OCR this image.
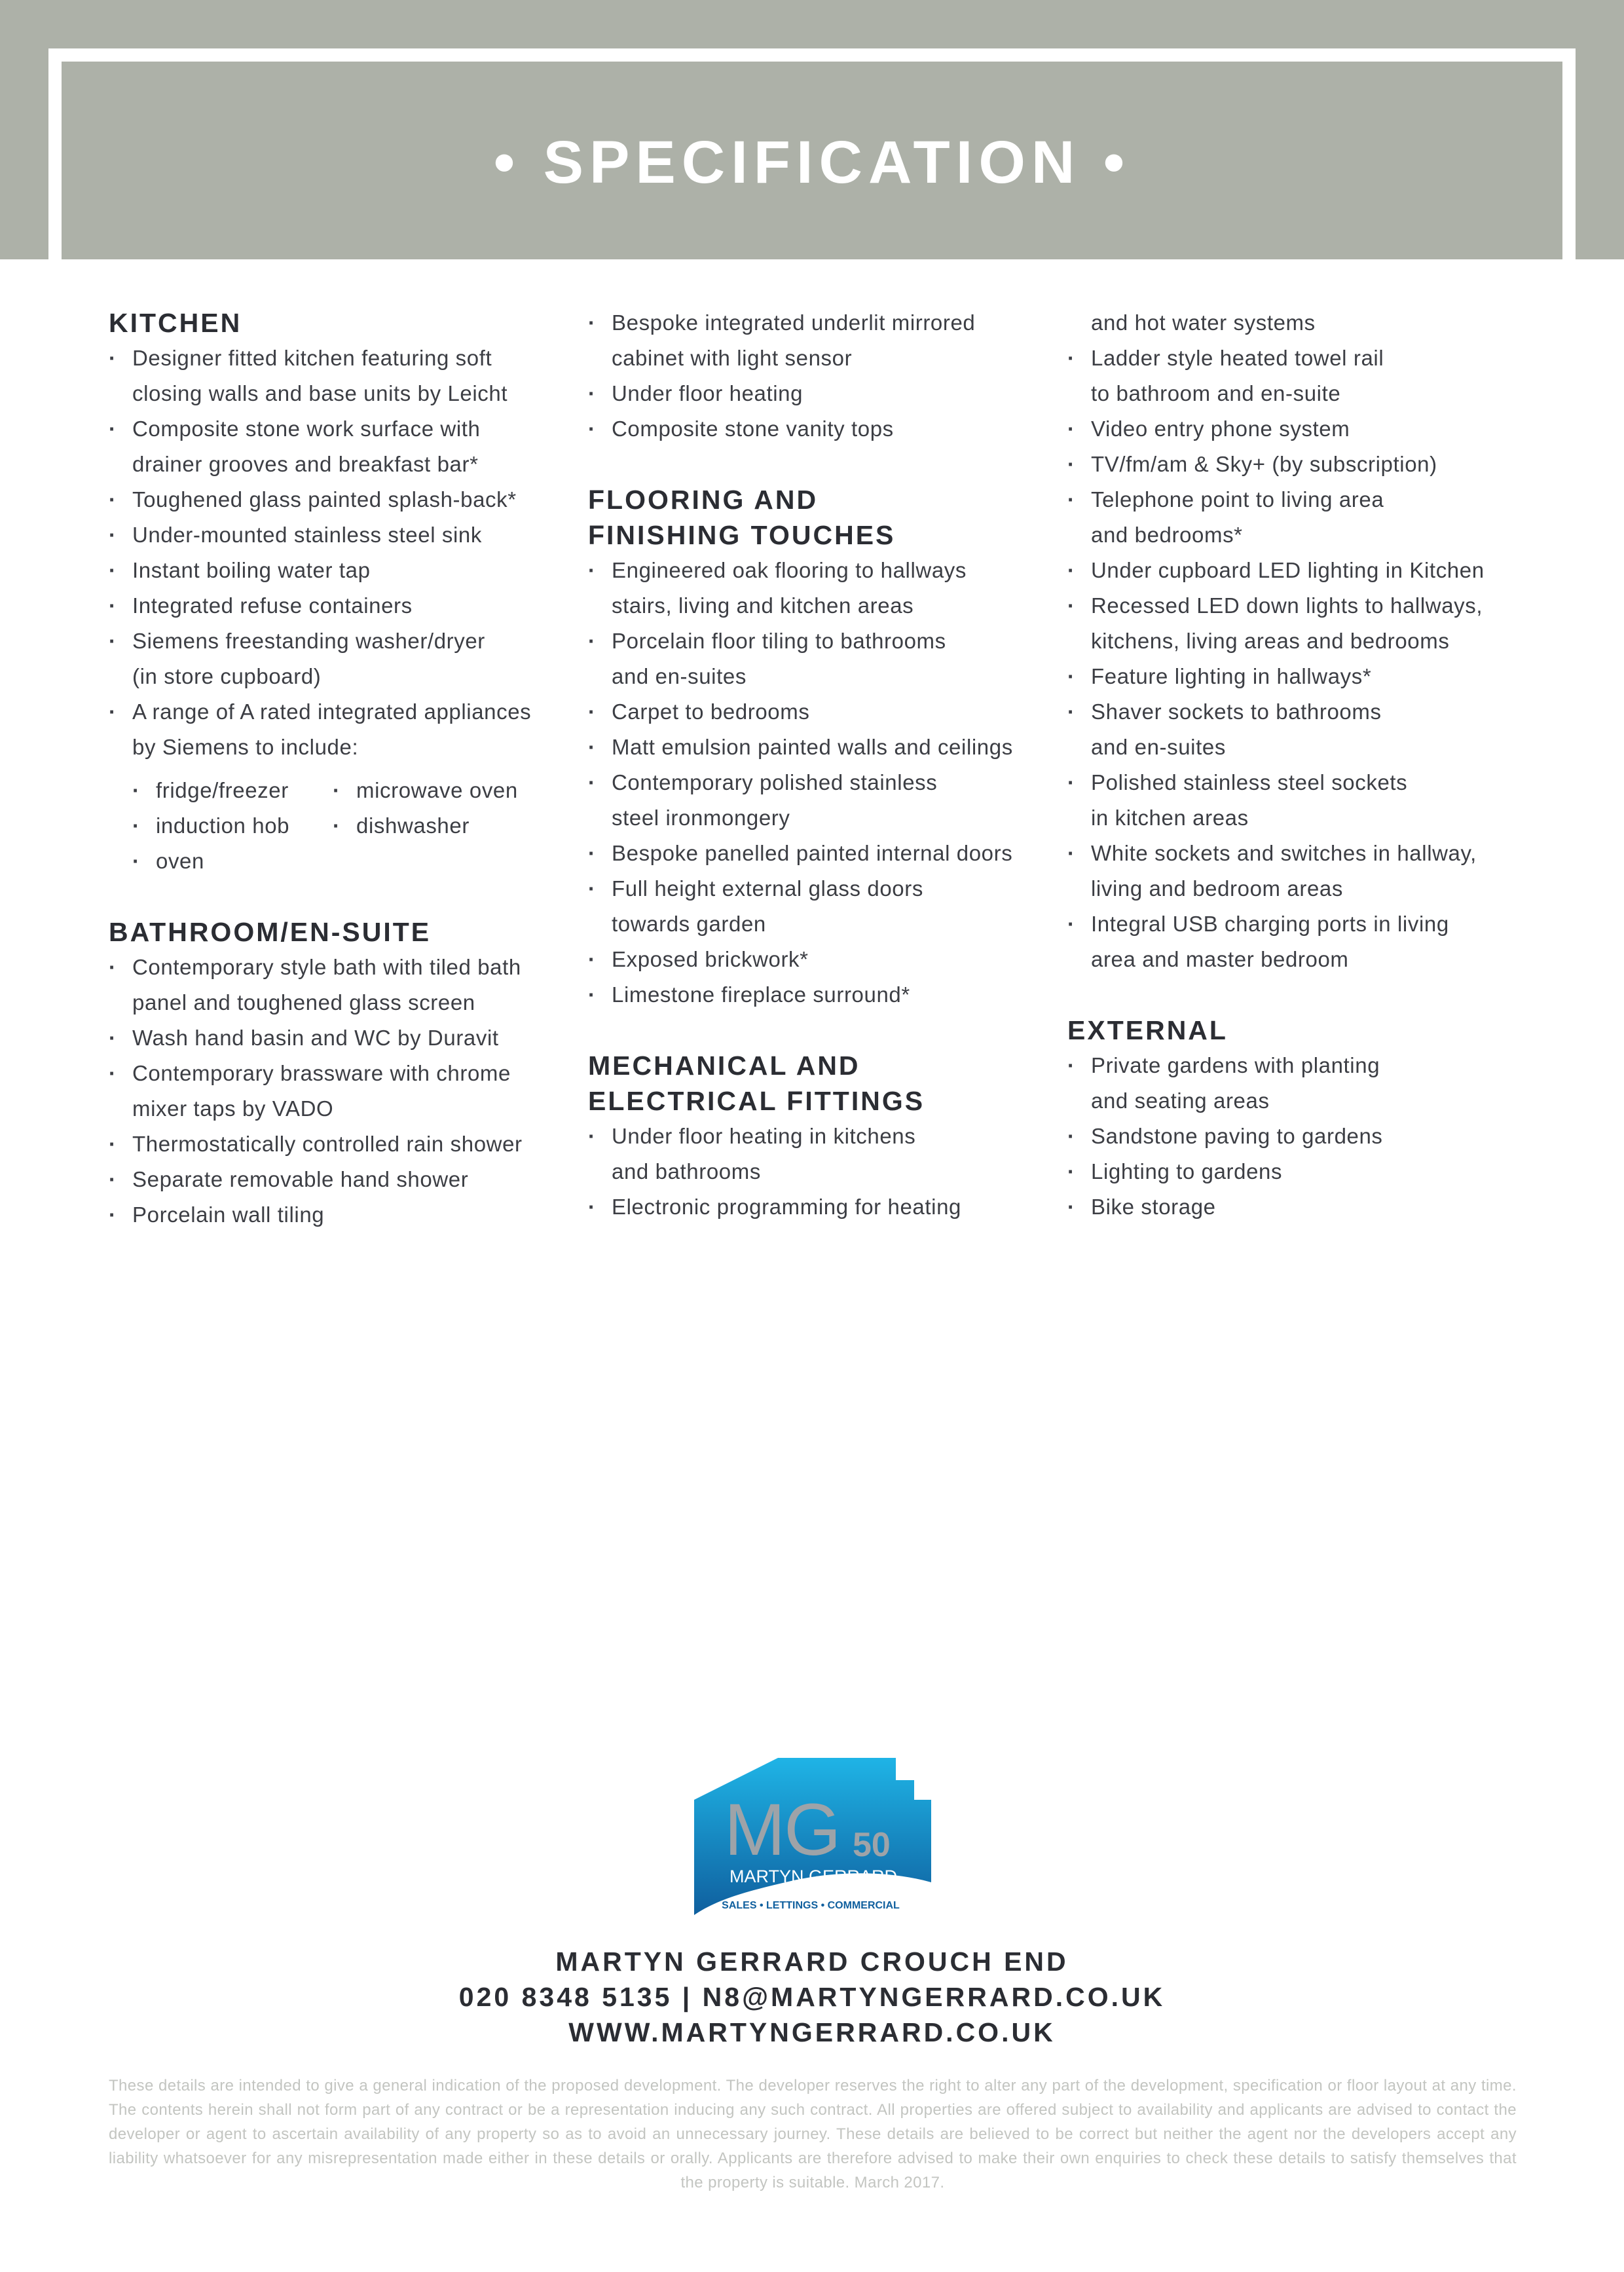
• SPECIFICATION •
KITCHEN
· Designer fitted kitchen featuring soft
closing walls and base units by Leicht
· Composite stone work surface with
drainer grooves and breakfast bar*
· Toughened glass painted splash-back*
· Under-mounted stainless steel sink
· Instant boiling water tap
· Integrated refuse containers
· Siemens freestanding washer/dryer
(in store cupboard)
· A range of A rated integrated appliances
by Siemens to include:
· fridge/freezer	· microwave oven
· induction hob	· dishwasher
· oven
BATHROOM/EN-SUITE
· Contemporary style bath with tiled bath
panel and toughened glass screen
· Wash hand basin and WC by Duravit
· Contemporary brassware with chrome
mixer taps by VADO
· Thermostatically controlled rain shower
· Separate removable hand shower
· Porcelain wall tiling
· Bespoke integrated underlit mirrored
cabinet with light sensor
· Under floor heating
· Composite stone vanity tops
FLOORING AND
FINISHING TOUCHES
· Engineered oak flooring to hallways
stairs, living and kitchen areas
· Porcelain floor tiling to bathrooms
and en-suites
· Carpet to bedrooms
· Matt emulsion painted walls and ceilings
· Contemporary polished stainless
steel ironmongery
· Bespoke panelled painted internal doors
· Full height external glass doors
towards garden
· Exposed brickwork*
· Limestone fireplace surround*
MECHANICAL AND
ELECTRICAL FITTINGS
· Under floor heating in kitchens
and bathrooms
· Electronic programming for heating
and hot water systems
· Ladder style heated towel rail
to bathroom and en-suite
· Video entry phone system
· TV/fm/am & Sky+ (by subscription)
· Telephone point to living area
and bedrooms*
· Under cupboard LED lighting in Kitchen
· Recessed LED down lights to hallways,
kitchens, living areas and bedrooms
· Feature lighting in hallways*
· Shaver sockets to bathrooms
and en-suites
· Polished stainless steel sockets
in kitchen areas
· White sockets and switches in hallway,
living and bedroom areas
· Integral USB charging ports in living
area and master bedroom
EXTERNAL
· Private gardens with planting
and seating areas
· Sandstone paving to gardens
· Lighting to gardens
· Bike storage
MG 50
MARTYN GERRARD
SALES • LETTINGS • COMMERCIAL
MARTYN GERRARD CROUCH END
020 8348 5135 | N8@MARTYNGERRARD.CO.UK
WWW.MARTYNGERRARD.CO.UK
These details are intended to give a general indication of the proposed development. The developer reserves the right to alter any part of the development, specification or floor layout at any time. The contents herein shall not form part of any contract or be a representation inducing any such contract. All properties are offered subject to availability and applicants are advised to contact the developer or agent to ascertain availability of any property so as to avoid an unnecessary journey. These details are believed to be correct but neither the agent nor the developers accept any liability whatsoever for any misrepresentation made either in these details or orally. Applicants are therefore advised to make their own enquiries to check these details to satisfy themselves that the property is suitable. March 2017.
